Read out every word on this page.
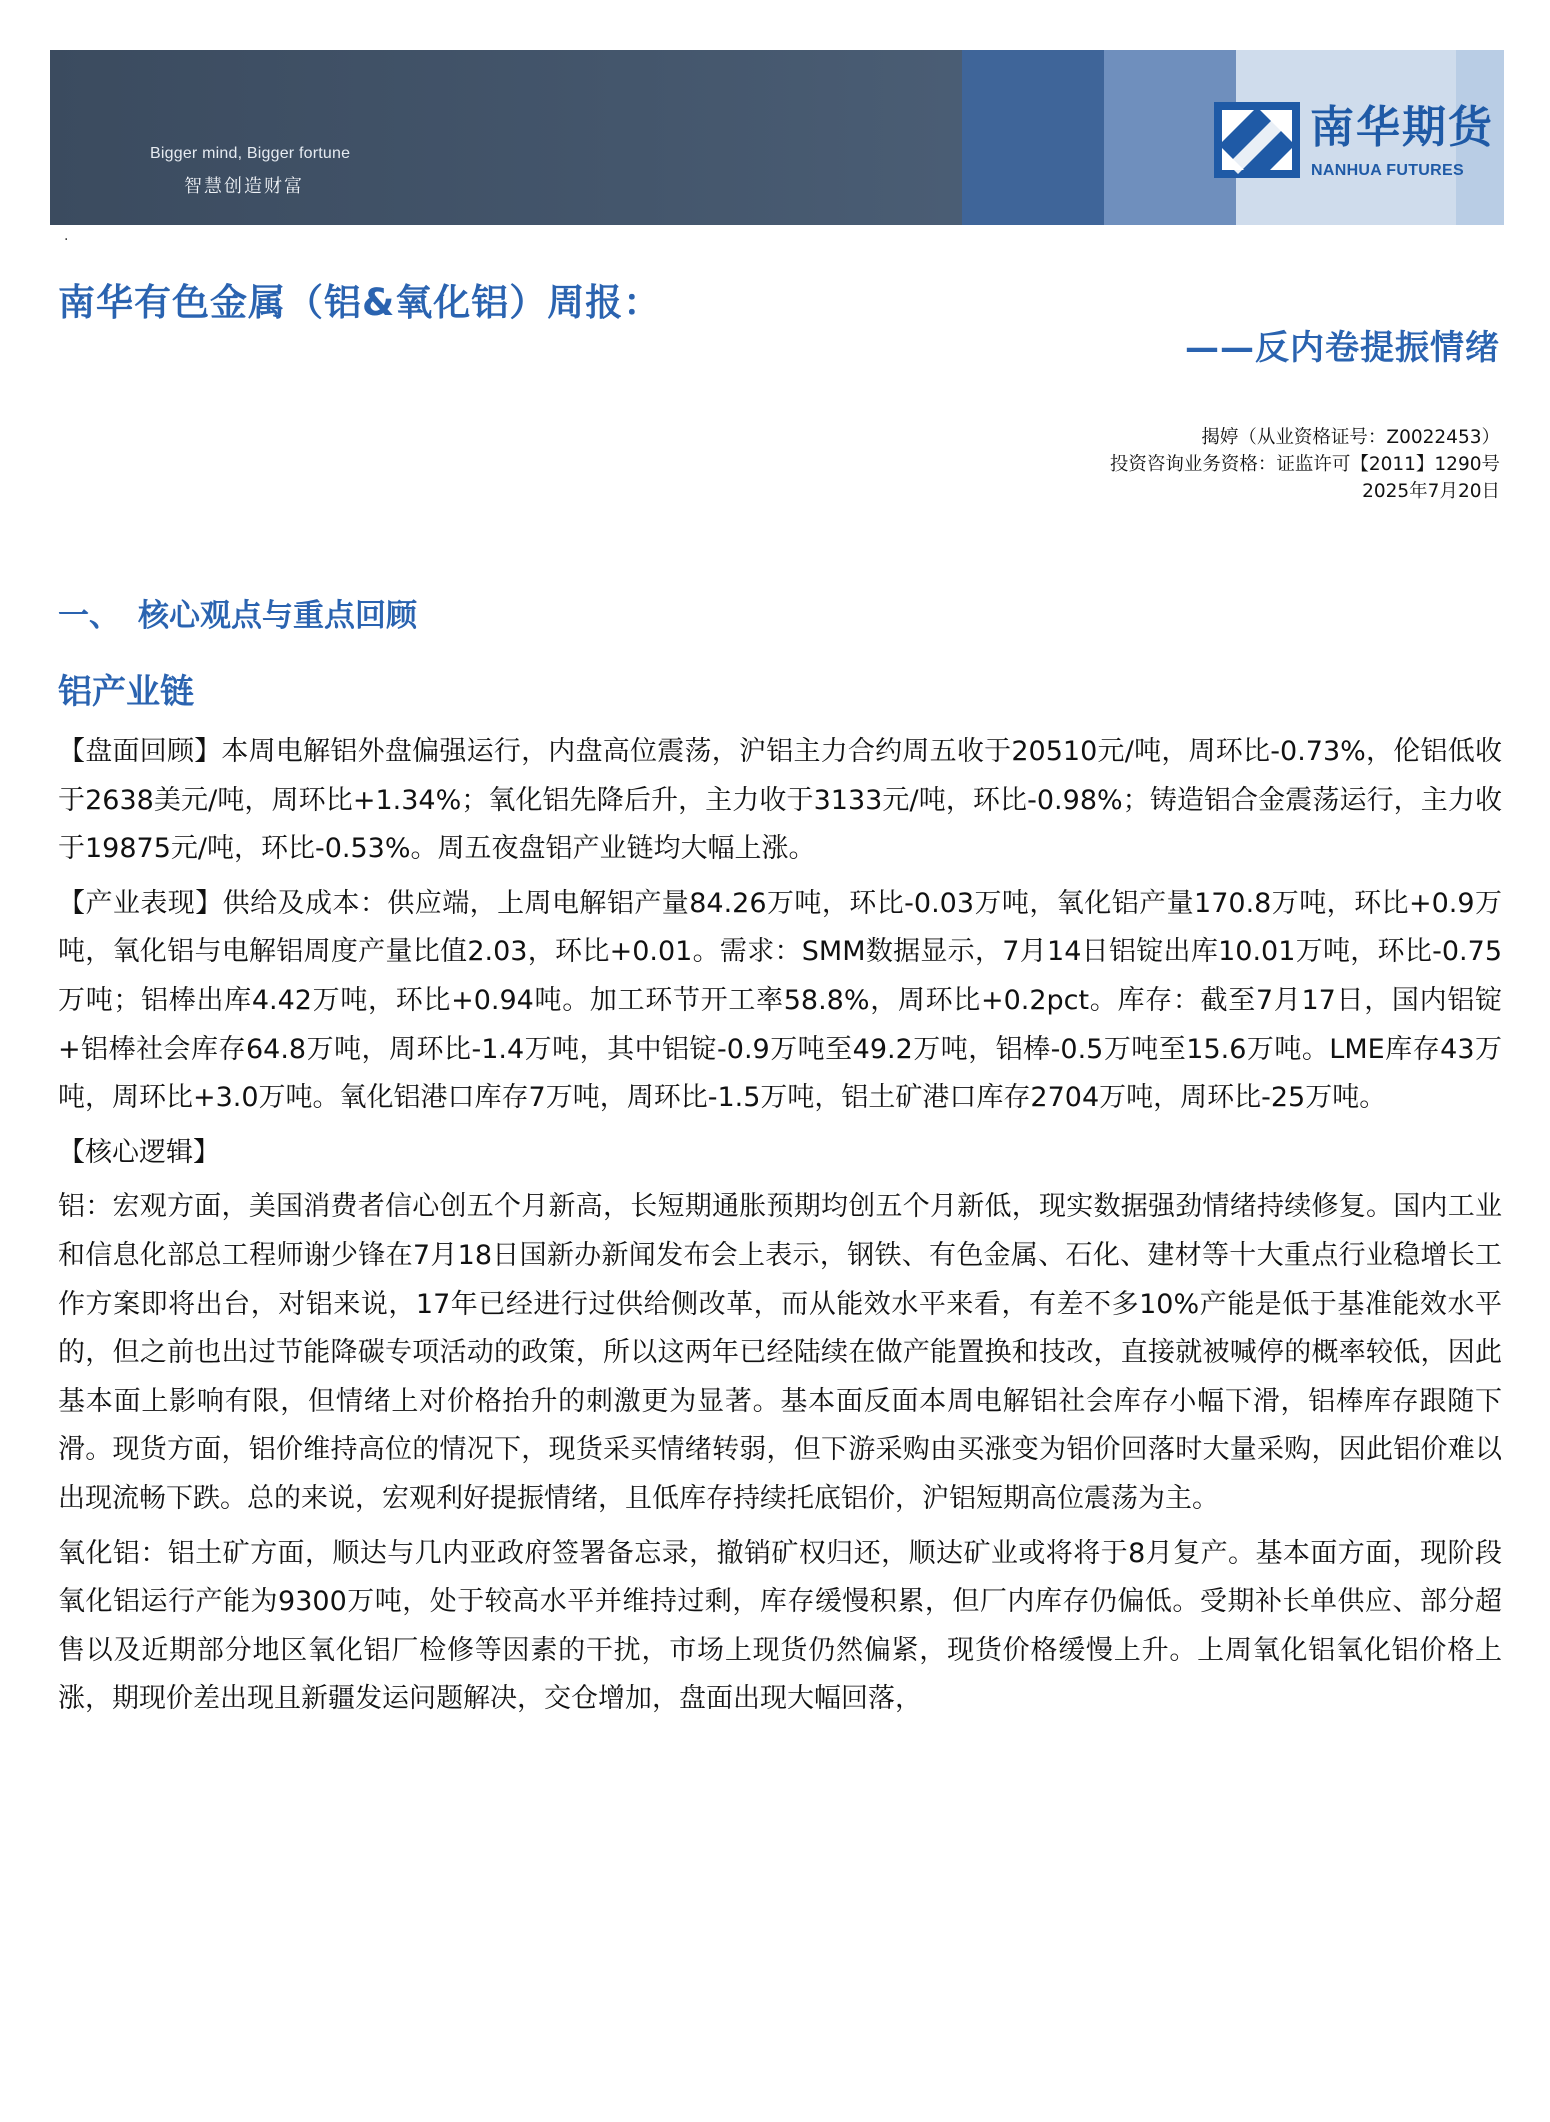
Bigger mind, Bigger fortune
智慧创造财富
南华期货
NANHUA FUTURES
·
南华有色金属（铝&氧化铝）周报：
——反内卷提振情绪
揭婷（从业资格证号：Z0022453）
投资咨询业务资格：证监许可【2011】1290号
2025年7月20日
一、 核心观点与重点回顾
铝产业链

【盘面回顾】本周电解铝外盘偏强运行，内盘高位震荡，沪铝主力合约周五收于20510元/吨，周环比-0.73%，伦铝低收于2638美元/吨，周环比+1.34%；氧化铝先降后升，主力收于3133元/吨，环比-0.98%；铸造铝合金震荡运行，主力收于19875元/吨，环比-0.53%。周五夜盘铝产业链均大幅上涨。

【产业表现】供给及成本：供应端，上周电解铝产量84.26万吨，环比-0.03万吨，氧化铝产量170.8万吨，环比+0.9万吨，氧化铝与电解铝周度产量比值2.03，环比+0.01。需求：SMM数据显示，7月14日铝锭出库10.01万吨，环比-0.75万吨；铝棒出库4.42万吨，环比+0.94吨。加工环节开工率58.8%，周环比+0.2pct。库存：截至7月17日，国内铝锭+铝棒社会库存64.8万吨，周环比-1.4万吨，其中铝锭-0.9万吨至49.2万吨，铝棒-0.5万吨至15.6万吨。LME库存43万吨，周环比+3.0万吨。氧化铝港口库存7万吨，周环比-1.5万吨，铝土矿港口库存2704万吨，周环比-25万吨。

【核心逻辑】

铝：宏观方面，美国消费者信心创五个月新高，长短期通胀预期均创五个月新低，现实数据强劲情绪持续修复。国内工业和信息化部总工程师谢少锋在7月18日国新办新闻发布会上表示，钢铁、有色金属、石化、建材等十大重点行业稳增长工作方案即将出台，对铝来说，17年已经进行过供给侧改革，而从能效水平来看，有差不多10%产能是低于基准能效水平的，但之前也出过节能降碳专项活动的政策，所以这两年已经陆续在做产能置换和技改，直接就被喊停的概率较低，因此基本面上影响有限，但情绪上对价格抬升的刺激更为显著。基本面反面本周电解铝社会库存小幅下滑，铝棒库存跟随下滑。现货方面，铝价维持高位的情况下，现货采买情绪转弱，但下游采购由买涨变为铝价回落时大量采购，因此铝价难以出现流畅下跌。总的来说，宏观利好提振情绪，且低库存持续托底铝价，沪铝短期高位震荡为主。

氧化铝：铝土矿方面，顺达与几内亚政府签署备忘录，撤销矿权归还，顺达矿业或将将于8月复产。基本面方面，现阶段氧化铝运行产能为9300万吨，处于较高水平并维持过剩，库存缓慢积累，但厂内库存仍偏低。受期补长单供应、部分超售以及近期部分地区氧化铝厂检修等因素的干扰，市场上现货仍然偏紧，现货价格缓慢上升。上周氧化铝氧化铝价格上涨，期现价差出现且新疆发运问题解决，交仓增加，盘面出现大幅回落，
